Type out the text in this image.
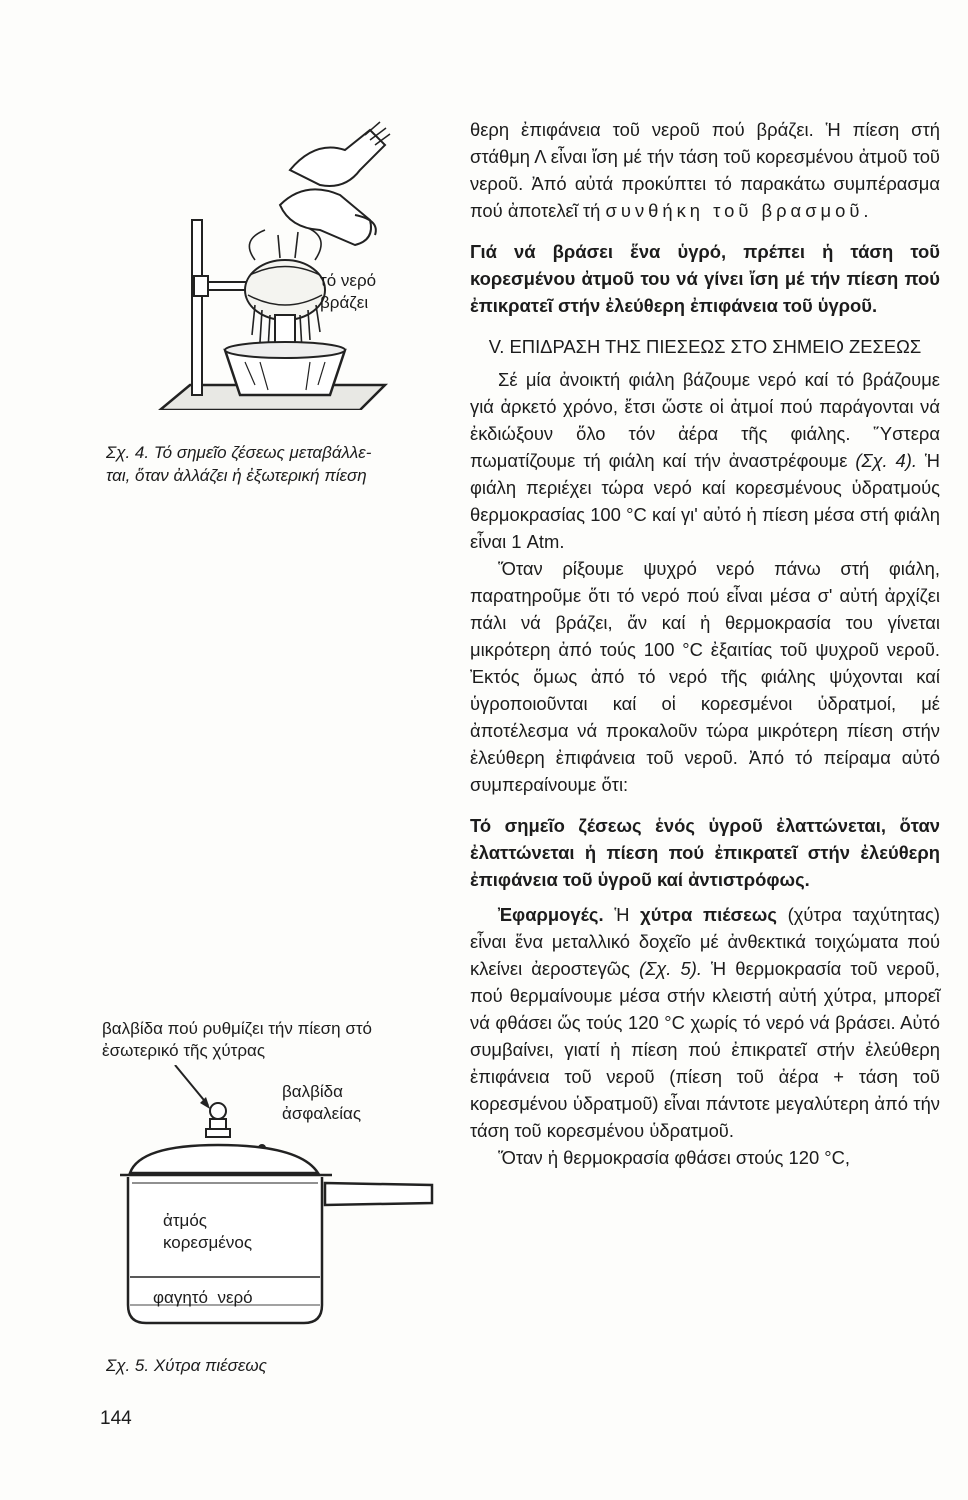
τό νερό
βράζει
Σχ. 4. Τό σημεῖο ζέσεως μεταβάλλε-
ται, ὅταν ἀλλάζει ἡ ἐξωτερική πίεση
βαλβίδα πού ρυθμίζει τήν πίεση στό
ἐσωτερικό τῆς χύτρας
βαλβίδα
ἀσφαλείας
ἀτμός
κορεσμένος
φαγητό νερό
Σχ. 5. Χύτρα πιέσεως
144

θερη ἐπιφάνεια τοῦ νεροῦ πού βράζει. Ἡ πίεση στή στάθμη Λ εἶναι ἴση μέ τήν τάση τοῦ κορεσμένου ἀτμοῦ τοῦ νεροῦ. Ἀπό αὐτά προκύπτει τό παρακάτω συμπέρασμα πού ἀποτελεῖ τή συνθήκη τοῦ βρασμοῦ.

Γιά νά βράσει ἕνα ὑγρό, πρέπει ἡ τάση τοῦ κορεσμένου ἀτμοῦ του νά γίνει ἴση μέ τήν πίεση πού ἐπικρατεῖ στήν ἐλεύθερη ἐπιφάνεια τοῦ ὑγροῦ.

V. ΕΠΙΔΡΑΣΗ ΤΗΣ ΠΙΕΣΕΩΣ ΣΤΟ ΣΗΜΕΙΟ ΖΕΣΕΩΣ

Σέ μία ἀνοικτή φιάλη βάζουμε νερό καί τό βράζουμε γιά ἀρκετό χρόνο, ἔτσι ὥστε οἱ ἀτμοί πού παράγονται νά ἐκδιώξουν ὅλο τόν ἀέρα τῆς φιάλης. Ὕστερα πωματίζουμε τή φιάλη καί τήν ἀναστρέφουμε (Σχ. 4). Ἡ φιάλη περιέχει τώρα νερό καί κορεσμένους ὑδρατμούς θερμοκρασίας 100 °C καί γι' αὐτό ἡ πίεση μέσα στή φιάλη εἶναι 1 Atm.

Ὅταν ρίξουμε ψυχρό νερό πάνω στή φιάλη, παρατηροῦμε ὅτι τό νερό πού εἶναι μέσα σ' αὐτή ἀρχίζει πάλι νά βράζει, ἄν καί ἡ θερμοκρασία του γίνεται μικρότερη ἀπό τούς 100 °C ἐξαιτίας τοῦ ψυχροῦ νεροῦ. Ἐκτός ὅμως ἀπό τό νερό τῆς φιάλης ψύχονται καί ὑγροποιοῦνται καί οἱ κορεσμένοι ὑδρατμοί, μέ ἀποτέλεσμα νά προκαλοῦν τώρα μικρότερη πίεση στήν ἐλεύθερη ἐπιφάνεια τοῦ νεροῦ. Ἀπό τό πείραμα αὐτό συμπεραίνουμε ὅτι:

Τό σημεῖο ζέσεως ἑνός ὑγροῦ ἐλαττώνεται, ὅταν ἐλαττώνεται ἡ πίεση πού ἐπικρατεῖ στήν ἐλεύθερη ἐπιφάνεια τοῦ ὑγροῦ καί ἀντιστρόφως.

Ἐφαρμογές. Ἡ χύτρα πιέσεως (χύτρα ταχύτητας) εἶναι ἕνα μεταλλικό δοχεῖο μέ ἀνθεκτικά τοιχώματα πού κλείνει ἀεροστεγῶς (Σχ. 5). Ἡ θερμοκρασία τοῦ νεροῦ, πού θερμαίνουμε μέσα στήν κλειστή αὐτή χύτρα, μπορεῖ νά φθάσει ὥς τούς 120 °C χωρίς τό νερό νά βράσει. Αὐτό συμβαίνει, γιατί ἡ πίεση πού ἐπικρατεῖ στήν ἐλεύθερη ἐπιφάνεια τοῦ νεροῦ (πίεση τοῦ ἀέρα + τάση τοῦ κορεσμένου ὑδρατμοῦ) εἶναι πάντοτε μεγαλύτερη ἀπό τήν τάση τοῦ κορεσμένου ὑδρατμοῦ.

Ὅταν ἡ θερμοκρασία φθάσει στούς 120 °C,
